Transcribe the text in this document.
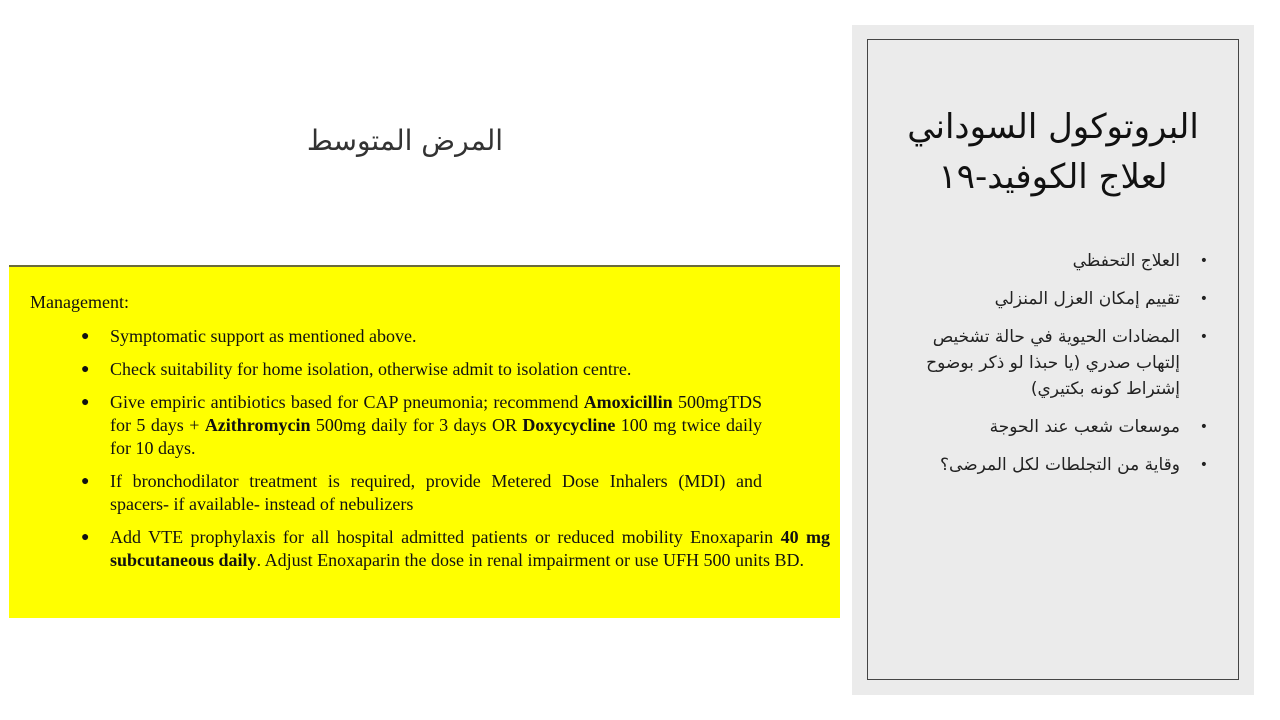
المرض المتوسط
Management:
● Symptomatic support as mentioned above.
● Check suitability for home isolation, otherwise admit to isolation centre.
● Give empiric antibiotics based for CAP pneumonia; recommend Amoxicillin 500mgTDS for 5 days + Azithromycin 500mg daily for 3 days OR Doxycycline 100 mg twice daily for 10 days.
● If bronchodilator treatment is required, provide Metered Dose Inhalers (MDI) and spacers- if available- instead of nebulizers
● Add VTE prophylaxis for all hospital admitted patients or reduced mobility Enoxaparin 40 mg subcutaneous daily. Adjust Enoxaparin the dose in renal impairment or use UFH 500 units BD.
البروتوكول السوداني
لعلاج الكوفيد-١٩
•
العلاج التحفظي
•
تقييم إمكان العزل المنزلي
•
المضادات الحيوية في حالة تشخيص إلتهاب صدري (يا حبذا لو ذكر بوضوح إشتراط كونه بكتيري)
•
موسعات شعب عند الحوجة
•
وقاية من التجلطات لكل المرضى؟
